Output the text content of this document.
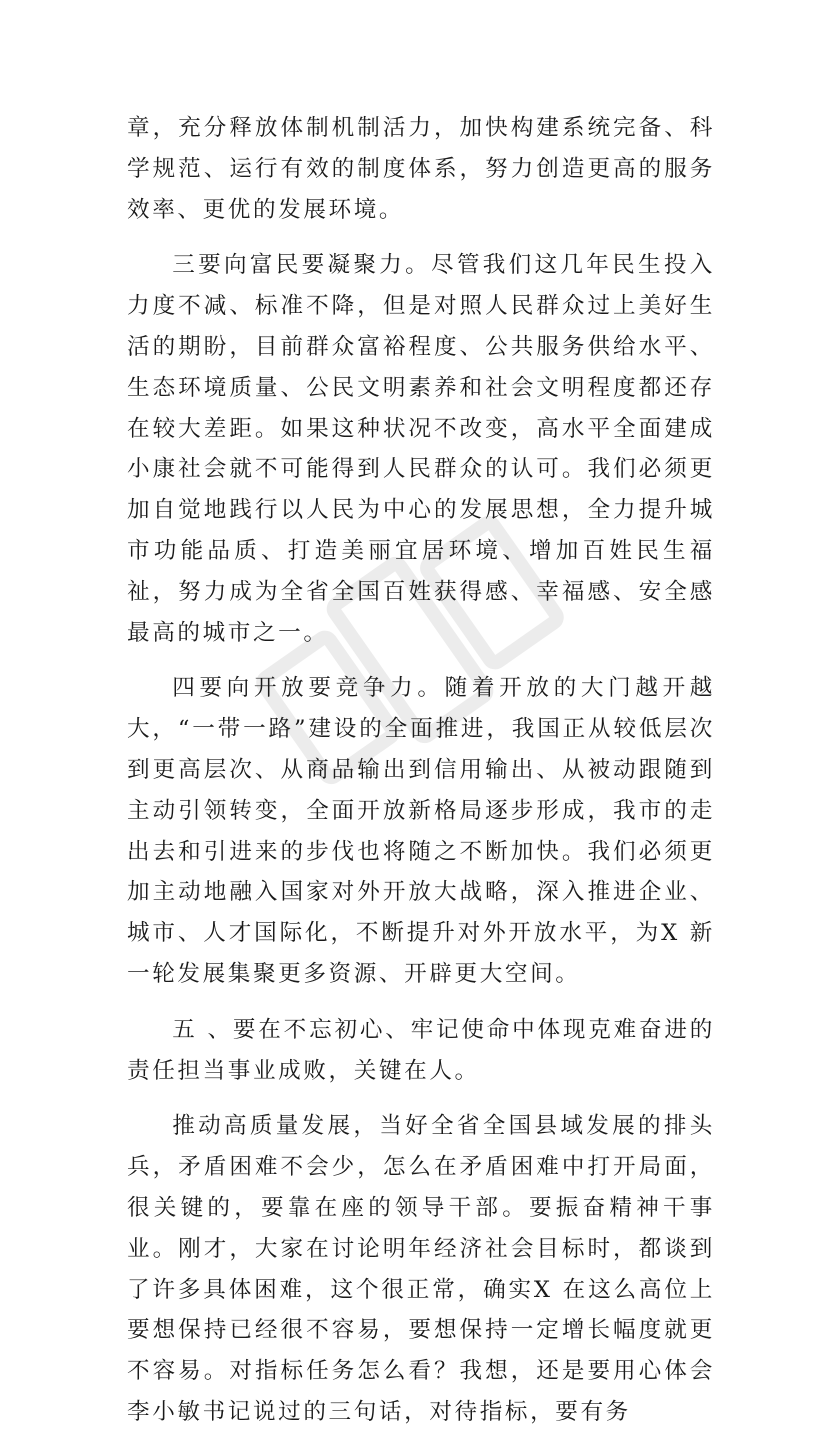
章，充分释放体制机制活力，加快构建系统完备、科学规范、运行有效的制度体系，努力创造更高的服务效率、更优的发展环境。

三要向富民要凝聚力。尽管我们这几年民生投入力度不减、标准不降，但是对照人民群众过上美好生活的期盼，目前群众富裕程度、公共服务供给水平、生态环境质量、公民文明素养和社会文明程度都还存在较大差距。如果这种状况不改变，高水平全面建成小康社会就不可能得到人民群众的认可。我们必须更加自觉地践行以人民为中心的发展思想，全力提升城市功能品质、打造美丽宜居环境、增加百姓民生福祉，努力成为全省全国百姓获得感、幸福感、安全感最高的城市之一。

四要向开放要竞争力。随着开放的大门越开越大，“一带一路”建设的全面推进，我国正从较低层次到更高层次、从商品输出到信用输出、从被动跟随到主动引领转变，全面开放新格局逐步形成，我市的走出去和引进来的步伐也将随之不断加快。我们必须更加主动地融入国家对外开放大战略，深入推进企业、城市、人才国际化，不断提升对外开放水平，为X 新一轮发展集聚更多资源、开辟更大空间。

五 、要在不忘初心、牢记使命中体现克难奋进的责任担当事业成败，关键在人。

推动高质量发展，当好全省全国县域发展的排头兵，矛盾困难不会少，怎么在矛盾困难中打开局面，很关键的，要靠在座的领导干部。要振奋精神干事业。刚才，大家在讨论明年经济社会目标时，都谈到了许多具体困难，这个很正常，确实X 在这么高位上要想保持已经很不容易，要想保持一定增长幅度就更不容易。对指标任务怎么看？我想，还是要用心体会李小敏书记说过的三句话，对待指标，要有务
